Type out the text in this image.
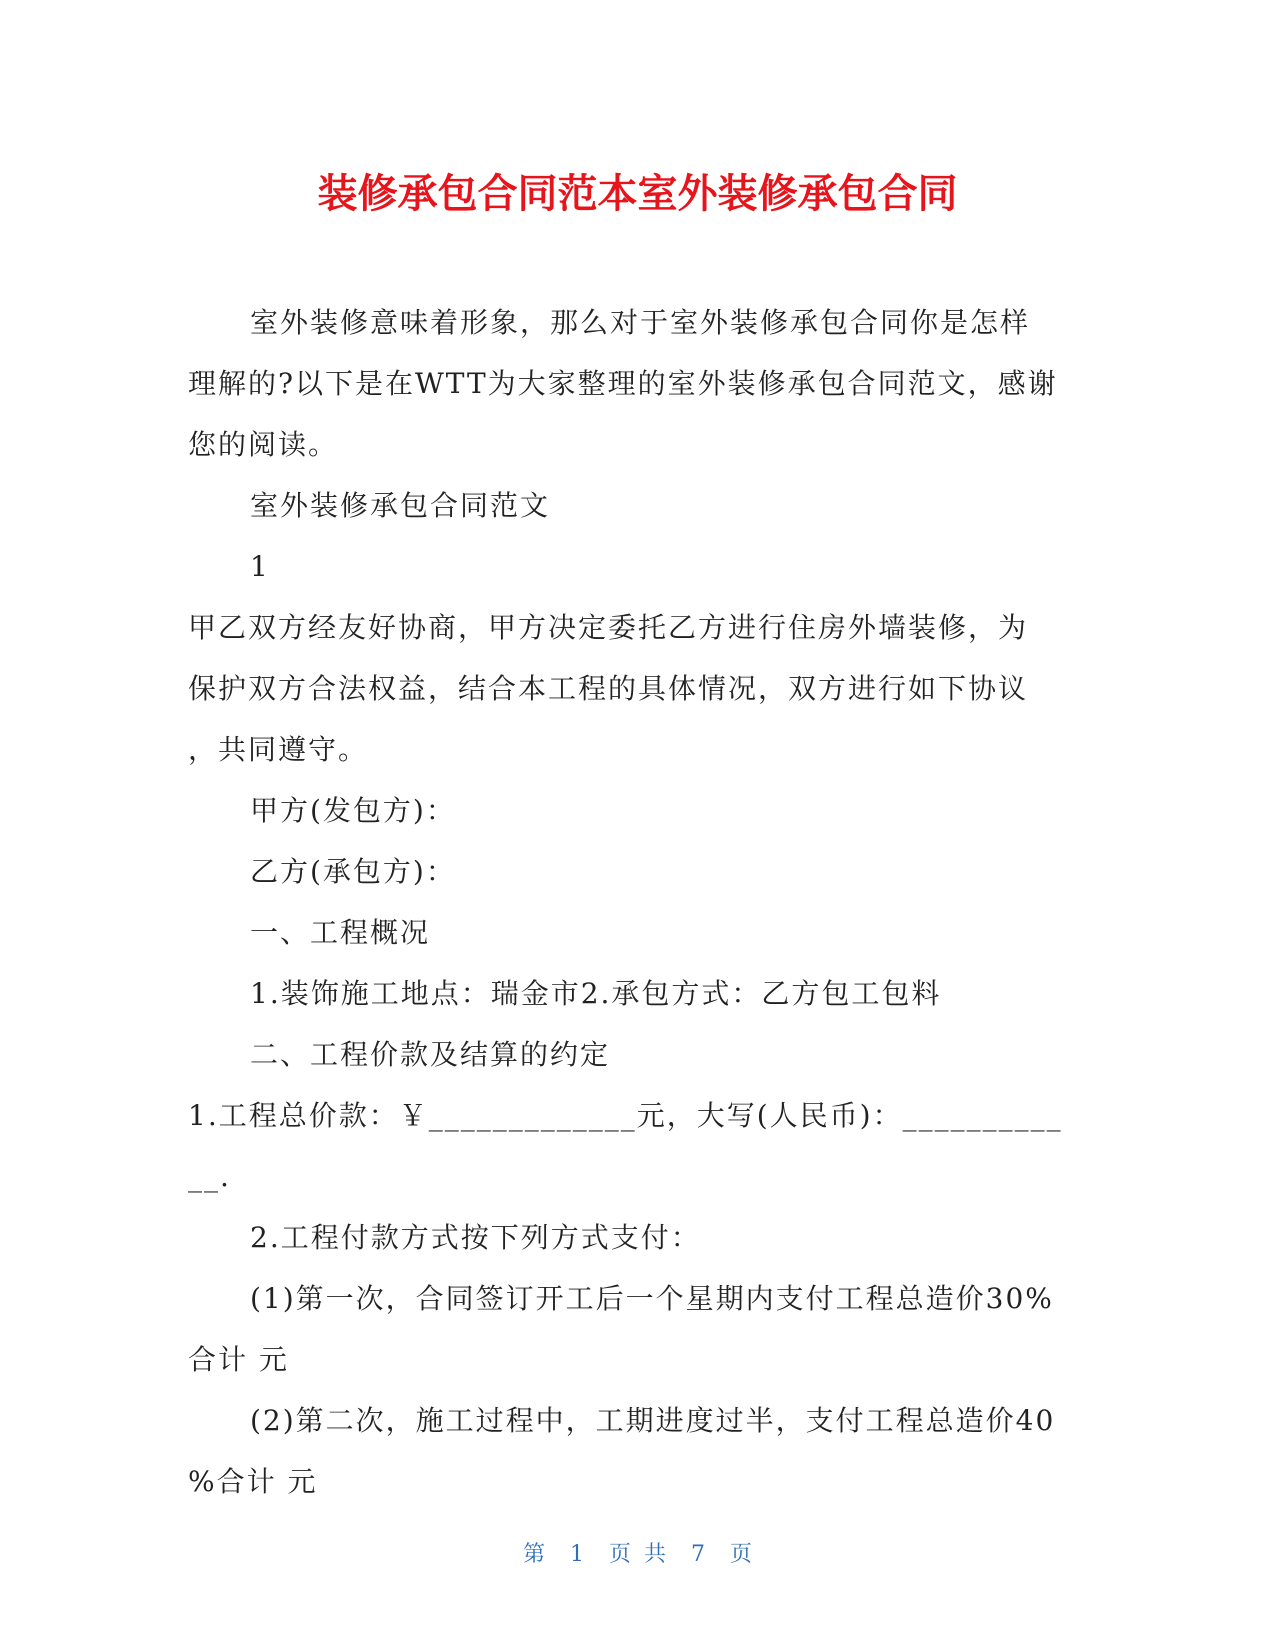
装修承包合同范本室外装修承包合同

室外装修意味着形象，那么对于室外装修承包合同你是怎样

理解的?以下是在WTT为大家整理的室外装修承包合同范文，感谢

您的阅读。

室外装修承包合同范文

1

甲乙双方经友好协商，甲方决定委托乙方进行住房外墙装修，为

保护双方合法权益，结合本工程的具体情况，双方进行如下协议

，共同遵守。

甲方(发包方)：

乙方(承包方)：

一、工程概况

1.装饰施工地点：瑞金市2.承包方式：乙方包工包料

二、工程价款及结算的约定

1.工程总价款：￥_____________元，大写(人民币)：__________

__.

2.工程付款方式按下列方式支付：

(1)第一次，合同签订开工后一个星期内支付工程总造价30%

合计 元

(2)第二次，施工过程中，工期进度过半，支付工程总造价40

%合计 元

第 1 页 共 7 页
